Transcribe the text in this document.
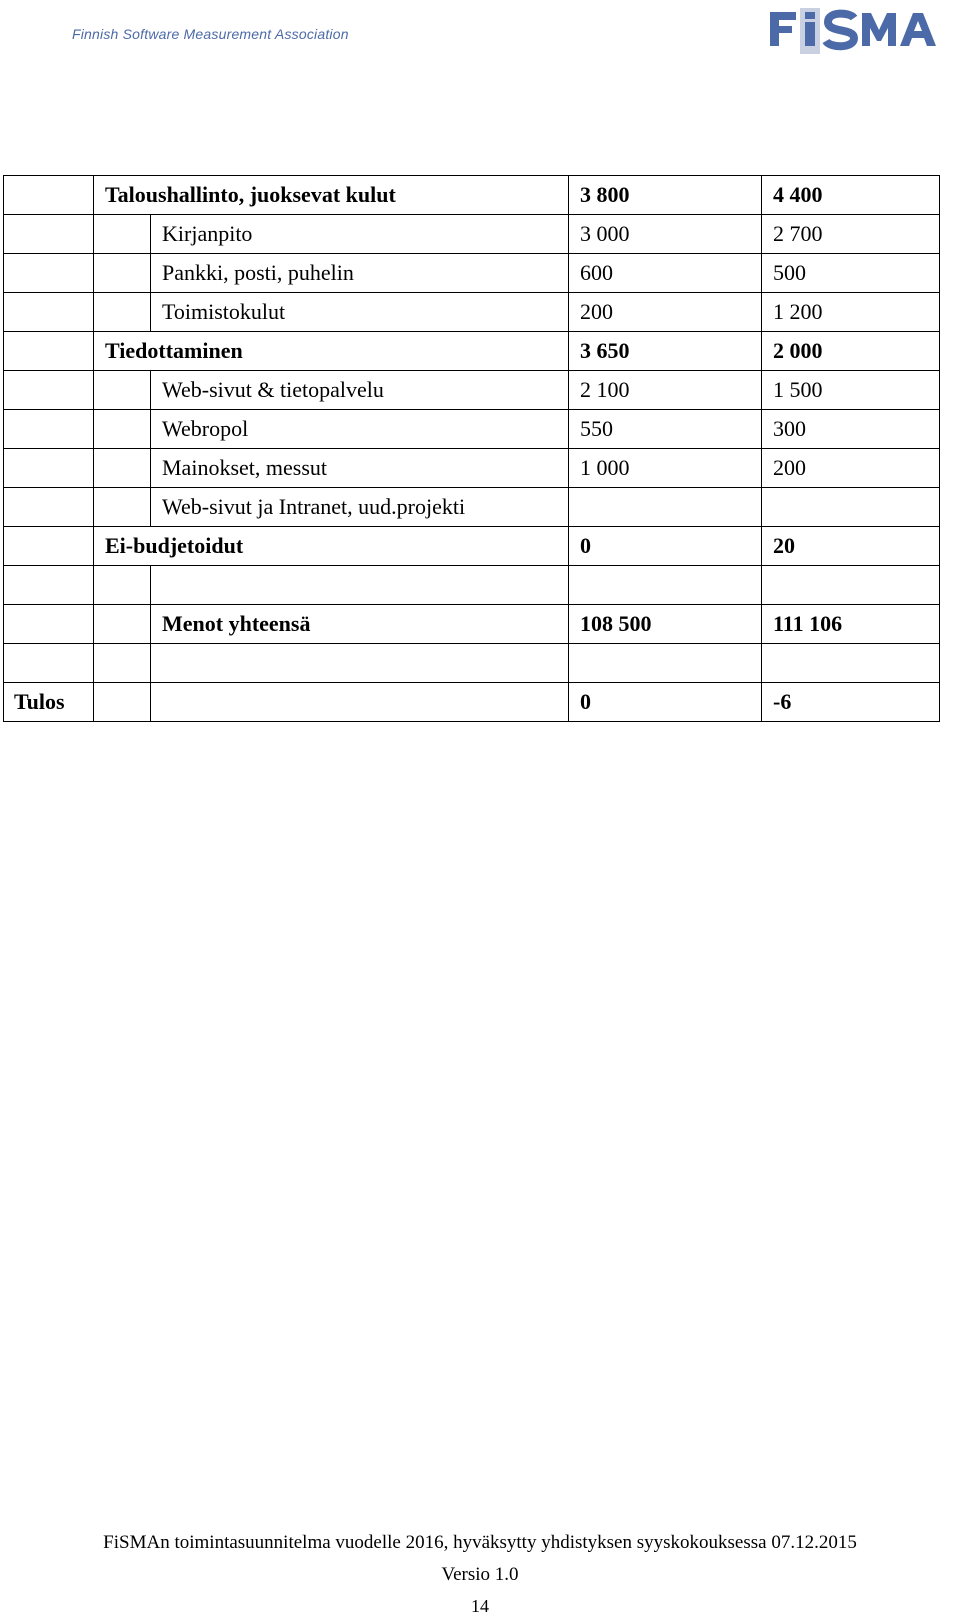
Finnish Software Measurement Association
	Taloushallinto, juoksevat kulut		3 800	4 400
		Kirjanpito	3 000	2 700
		Pankki, posti, puhelin	600	500
		Toimistokulut	200	1 200
	Tiedottaminen		3 650	2 000
		Web-sivut & tietopalvelu	2 100	1 500
		Webropol	550	300
		Mainokset, messut	1 000	200
		Web-sivut ja Intranet, uud.projekti		
	Ei-budjetoidut		0	20

		Menot yhteensä	108 500	111 106

Tulos			0	-6
FiSMAn toimintasuunnitelma vuodelle 2016, hyväksytty yhdistyksen syyskokouksessa 07.12.2015
Versio 1.0
14
